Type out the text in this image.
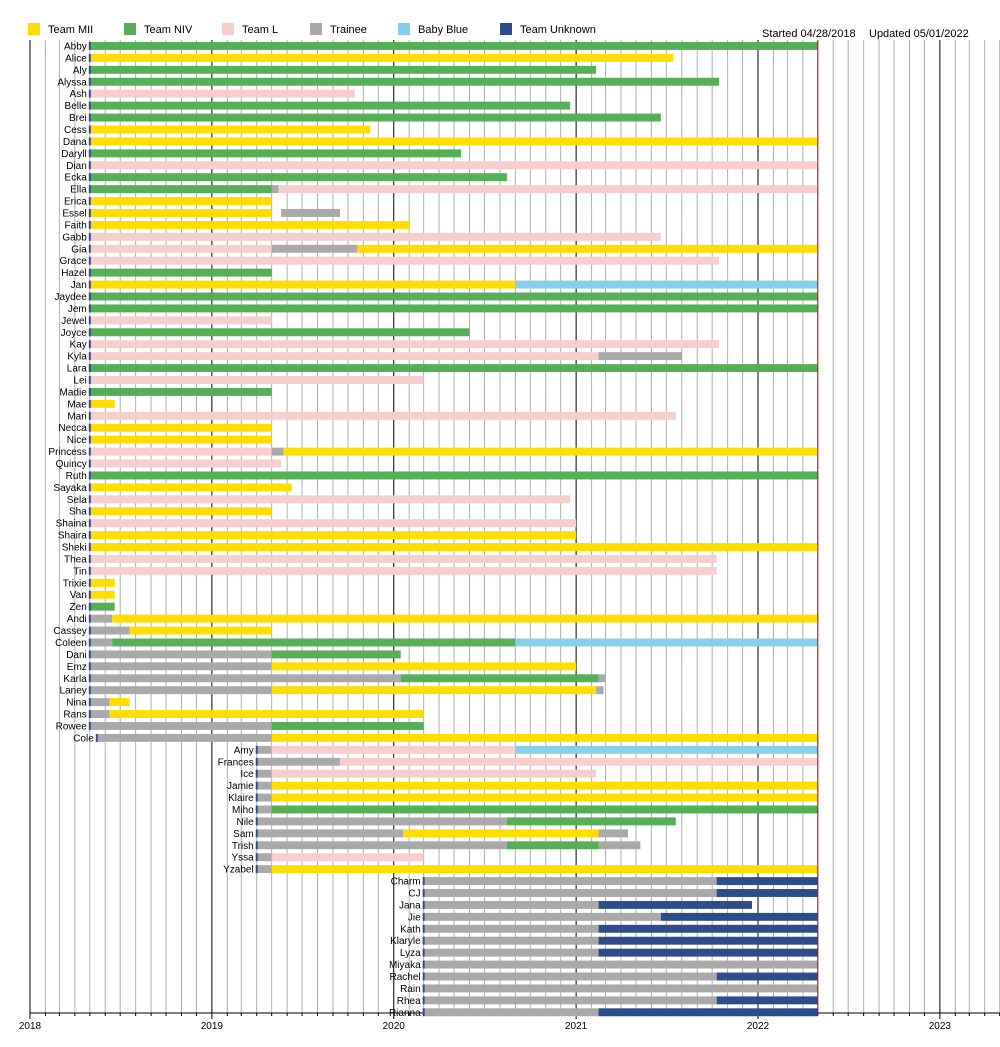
2018	2019	2020	2021	2022	2023
Team MII	Team NIV	Team L	Trainee	Baby Blue	Team Unknown	Started 04/28/2018 Updated 05/01/2022
Abby
Alice
Aly
Alyssa
Ash
Belle
Brei
Cess
Dana
Daryll
Dian
Ecka
Ella
Erica
Essel
Faith
Gabb
Gia
Grace
Hazel
Jan
Jaydee
Jem
Jewel
Joyce
Kay
Kyla
Lara
Lei
Madie
Mae
Mari
Necca
Nice
Princess
Quincy
Ruth
Sayaka
Sela
Sha
Shaina
Shaira
Sheki
Thea
Tin
Trixie
Van
Zen
Andi
Cassey
Coleen
Dani
Emz
Karla
Laney
Nina
Rans
Rowee
Cole
Amy
Frances
Ice
Jamie
Klaire
Miho
Nile
Sam
Trish
Yssa
Yzabel
Charm
CJ
Jana
Jie
Kath
Klaryle
Lyza
Miyaka
Rachel
Rain
Rhea
Rianna
